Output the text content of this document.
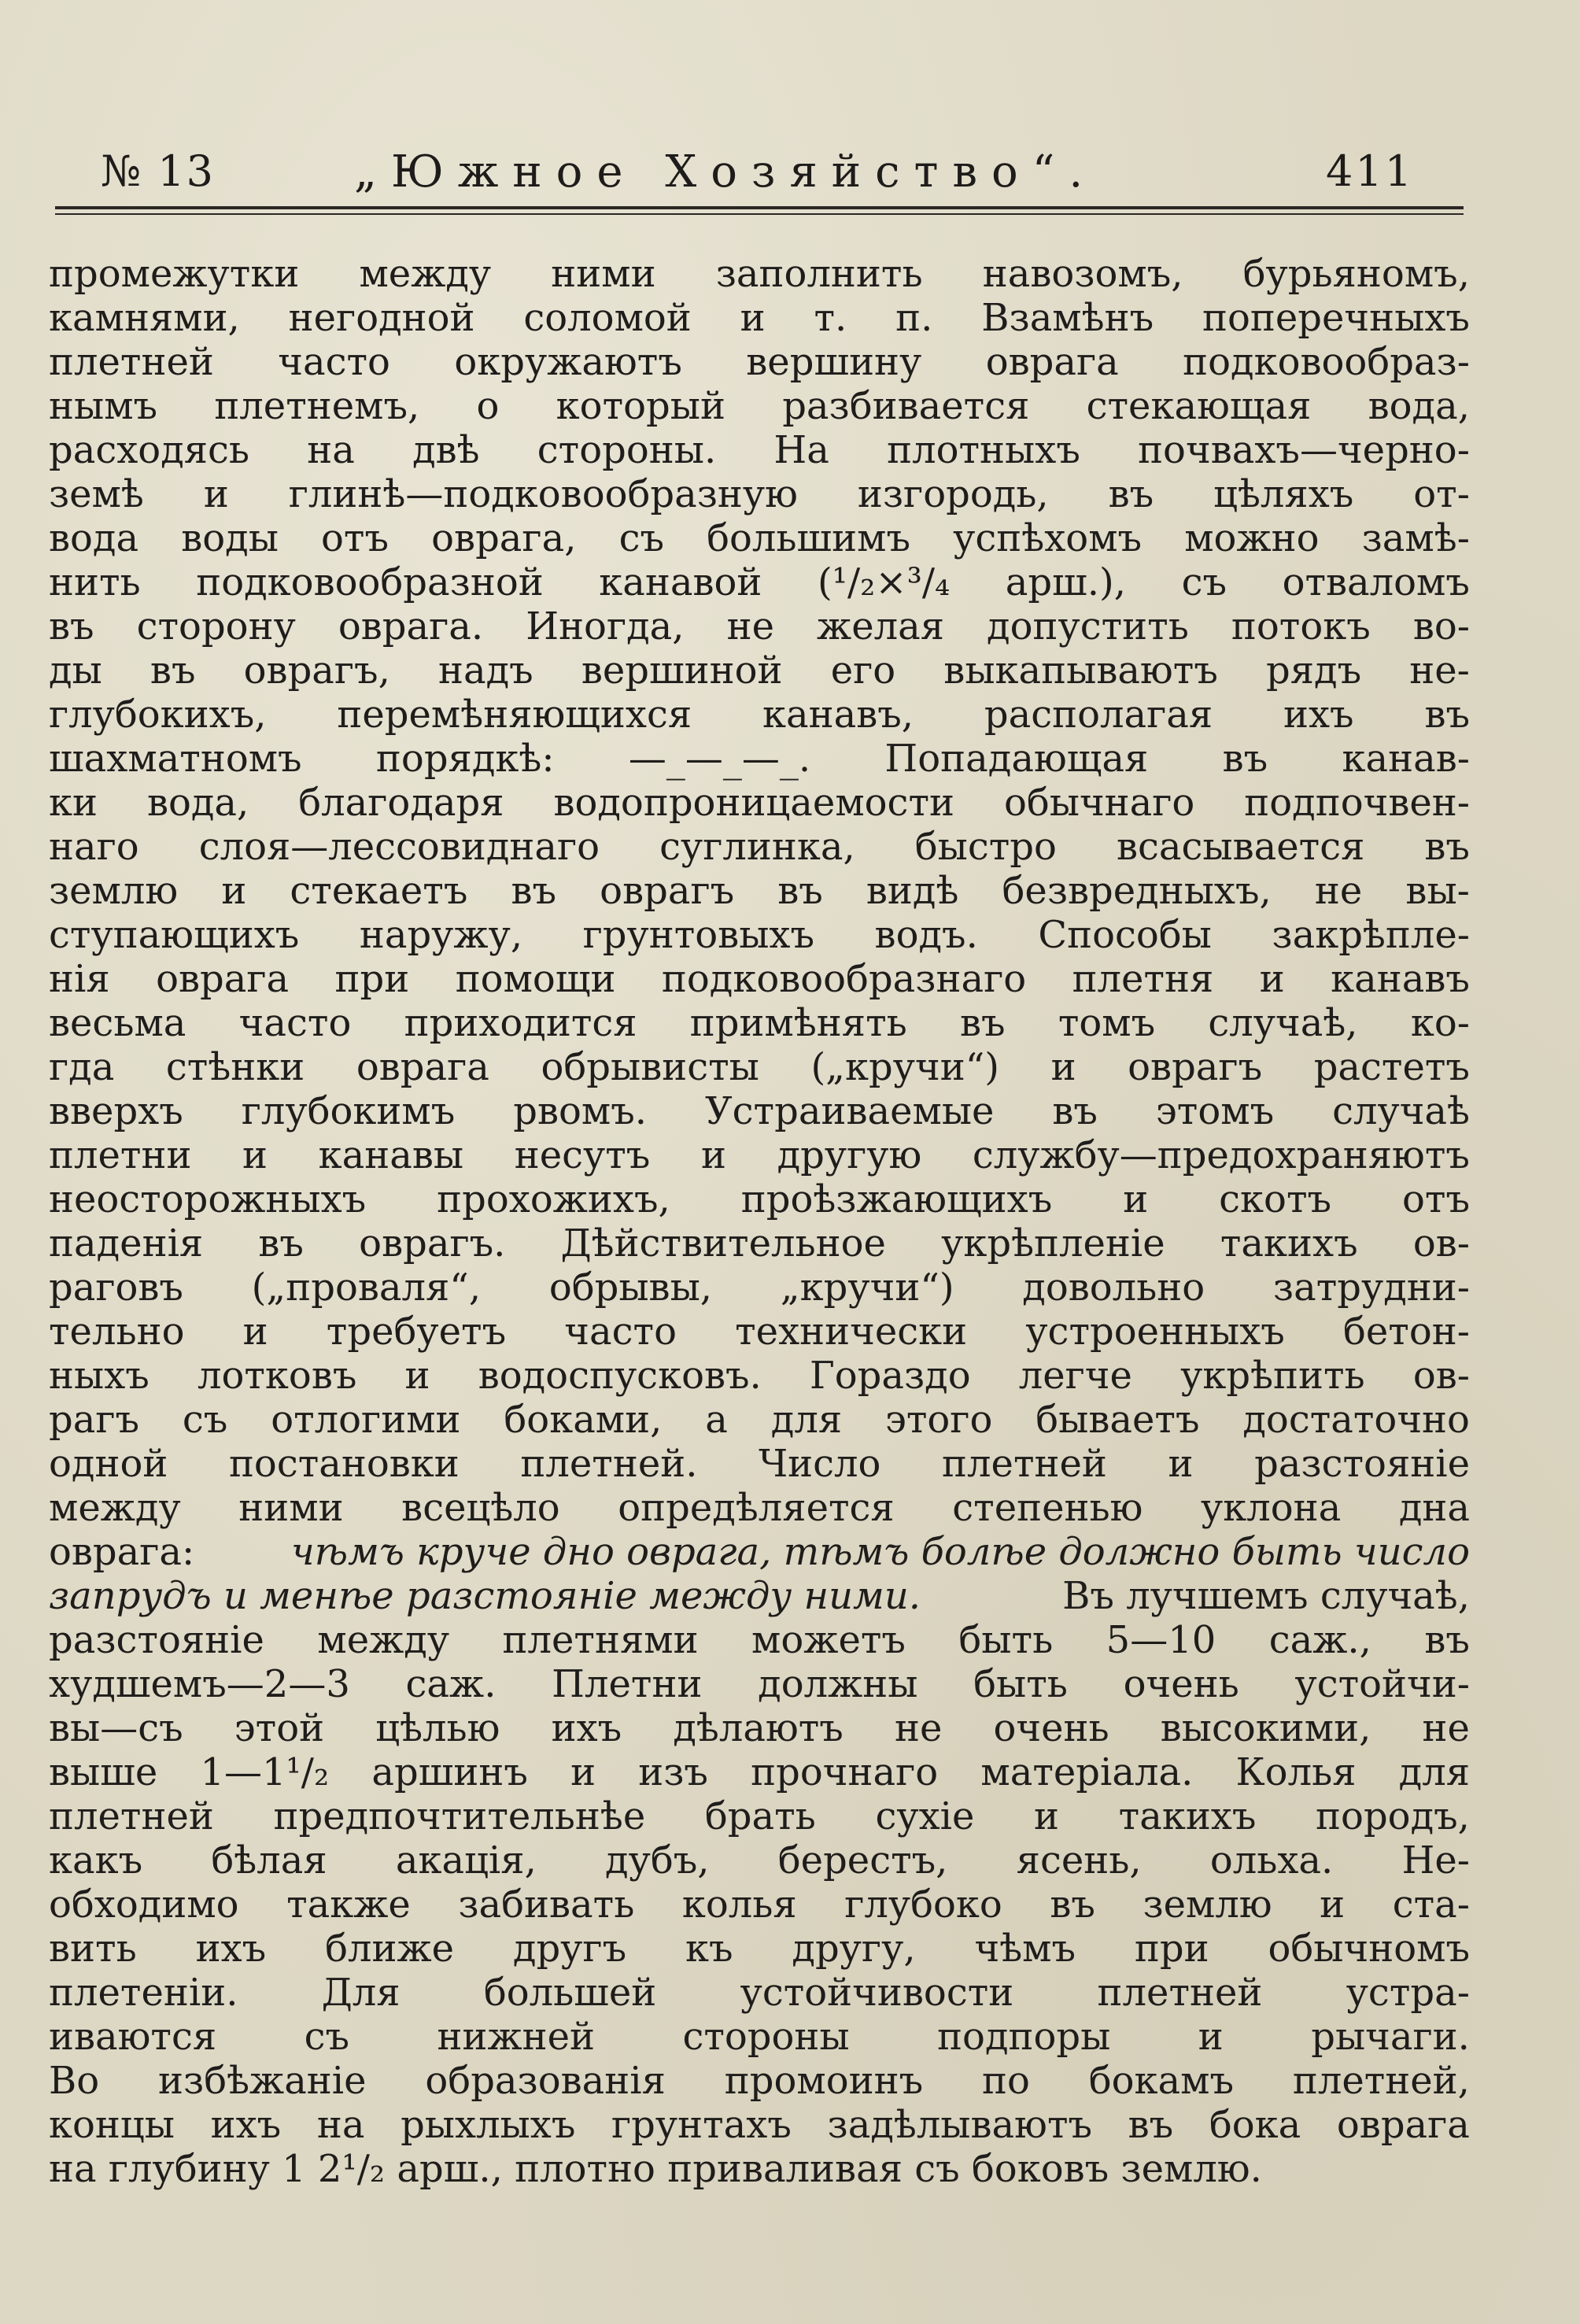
№ 13	„Южное Хозяйство“.	411
промежутки между ними заполнить навозомъ, бурьяномъ,
камнями, негодной соломой и т. п. Взамѣнъ поперечныхъ
плетней часто окружаютъ вершину оврага подковообраз-
нымъ плетнемъ, о который разбивается стекающая вода,
расходясь на двѣ стороны. На плотныхъ почвахъ—черно-
земѣ и глинѣ—подковообразную изгородь, въ цѣляхъ от-
вода воды отъ оврага, съ большимъ успѣхомъ можно замѣ-
нить подковообразной канавой (¹/₂×³/₄ арш.), съ отваломъ
въ сторону оврага. Иногда, не желая допустить потокъ во-
ды въ оврагъ, надъ вершиной его выкапываютъ рядъ не-
глубокихъ, перемѣняющихся канавъ, располагая ихъ въ
шахматномъ порядкѣ: —_—_—_. Попадающая въ канав-
ки вода, благодаря водопроницаемости обычнаго подпочвен-
наго слоя—лессовиднаго суглинка, быстро всасывается въ
землю и стекаетъ въ оврагъ въ видѣ безвредныхъ, не вы-
ступающихъ наружу, грунтовыхъ водъ. Способы закрѣпле-
нія оврага при помощи подковообразнаго плетня и канавъ
весьма часто приходится примѣнять въ томъ случаѣ, ко-
гда стѣнки оврага обрывисты („кручи“) и оврагъ растетъ
вверхъ глубокимъ рвомъ. Устраиваемые въ этомъ случаѣ
плетни и канавы несутъ и другую службу—предохраняютъ
неосторожныхъ прохожихъ, проѣзжающихъ и скотъ отъ
паденія въ оврагъ. Дѣйствительное укрѣпленіе такихъ ов-
раговъ („проваля“, обрывы, „кручи“) довольно затрудни-
тельно и требуетъ часто технически устроенныхъ бетон-
ныхъ лотковъ и водоспусковъ. Гораздо легче укрѣпить ов-
рагъ съ отлогими боками, а для этого бываетъ достаточно
одной постановки плетней. Число плетней и разстояніе
между ними всецѣло опредѣляется степенью уклона дна
оврага:	чѣмъ круче дно оврага, тѣмъ болѣе должно быть число
запрудъ и менѣе разстояніе между ними.	Въ лучшемъ случаѣ,
разстояніе между плетнями можетъ быть 5—10 саж., въ
худшемъ—2—3 саж. Плетни должны быть очень устойчи-
вы—съ этой цѣлью ихъ дѣлаютъ не очень высокими, не
выше 1—1¹/₂ аршинъ и изъ прочнаго матеріала. Колья для
плетней предпочтительнѣе брать сухіе и такихъ породъ,
какъ бѣлая акація, дубъ, берестъ, ясень, ольха. Не-
обходимо также забивать колья глубоко въ землю и ста-
вить ихъ ближе другъ къ другу, чѣмъ при обычномъ
плетеніи. Для большей устойчивости плетней устра-
иваются съ нижней стороны подпоры и рычаги.
Во избѣжаніе образованія промоинъ по бокамъ плетней,
концы ихъ на рыхлыхъ грунтахъ задѣлываютъ въ бока оврага
на глубину 1 2¹/₂ арш., плотно приваливая съ боковъ землю.
